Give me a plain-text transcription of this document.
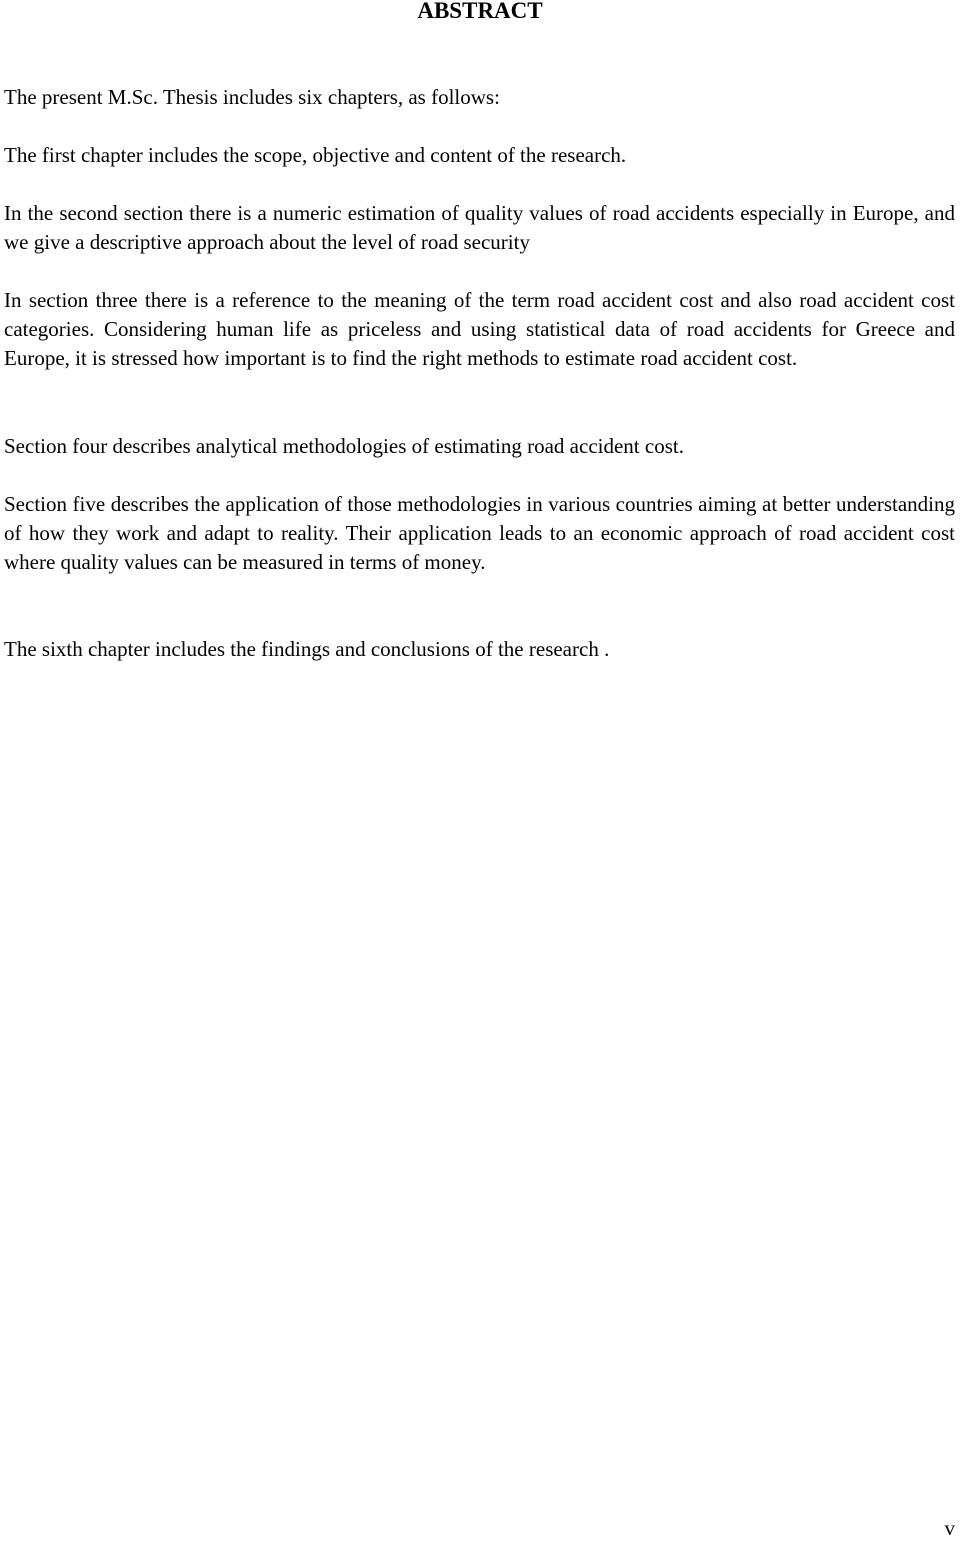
ABSTRACT

The present M.Sc. Thesis includes six chapters, as follows:

The first chapter includes the scope, objective and content of the research.

In the second section there is a numeric estimation of quality values of road accidents especially in Europe, and we give a descriptive approach about the level of road security

In section three there is a reference to the meaning of the term road accident cost and also road accident cost categories. Considering human life as priceless and using statistical data of road accidents for Greece and Europe, it is stressed how important is to find the right methods to estimate road accident cost.

Section four describes analytical methodologies of estimating road accident cost.

Section five describes the application of those methodologies in various countries aiming at better understanding of how they work and adapt to reality. Their application leads to an economic approach of road accident cost where quality values can be measured in terms of money.

The sixth chapter includes the findings and conclusions of the research .

v
